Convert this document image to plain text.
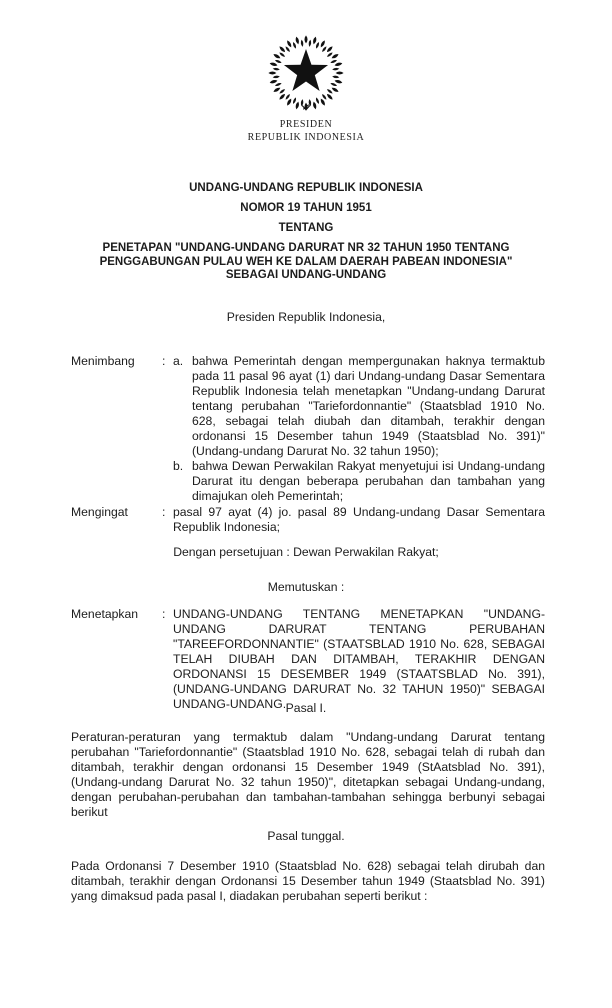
PRESIDEN
REPUBLIK INDONESIA
UNDANG-UNDANG REPUBLIK INDONESIA
NOMOR 19 TAHUN 1951
TENTANG
PENETAPAN "UNDANG-UNDANG DARURAT NR 32 TAHUN 1950 TENTANG
PENGGABUNGAN PULAU WEH KE DALAM DAERAH PABEAN INDONESIA"
SEBAGAI UNDANG-UNDANG
Presiden Republik Indonesia,
Menimbang	: a. bahwa Pemerintah dengan mempergunakan haknya termaktub pada 11 pasal 96 ayat (1) dari Undang-undang Dasar Sementara Republik Indonesia telah menetapkan "Undang-undang Darurat tentang perubahan "Tariefordonnantie" (Staatsblad 1910 No. 628, sebagai telah diubah dan ditambah, terakhir dengan ordonansi 15 Desember tahun 1949 (Staatsblad No. 391)" (Undang-undang Darurat No. 32 tahun 1950);
b. bahwa Dewan Perwakilan Rakyat menyetujui isi Undang-undang Darurat itu dengan beberapa perubahan dan tambahan yang dimajukan oleh Pemerintah;
Mengingat	: pasal 97 ayat (4) jo. pasal 89 Undang-undang Dasar Sementara Republik Indonesia;
Dengan persetujuan : Dewan Perwakilan Rakyat;
Memutuskan :
Menetapkan	: UNDANG-UNDANG TENTANG MENETAPKAN "UNDANG- UNDANG DARURAT TENTANG PERUBAHAN "TAREEFORDONNANTIE" (STAATSBLAD 1910 No. 628, SEBAGAI TELAH DIUBAH DAN DITAMBAH, TERAKHIR DENGAN ORDONANSI 15 DESEMBER 1949 (STAATSBLAD No. 391), (UNDANG-UNDANG DARURAT No. 32 TAHUN 1950)" SEBAGAI UNDANG-UNDANG. Pasal I.
Peraturan-peraturan yang termaktub dalam "Undang-undang Darurat tentang perubahan "Tariefordonnantie" (Staatsblad 1910 No. 628, sebagai telah di rubah dan ditambah, terakhir dengan ordonansi 15 Desember 1949 (StAatsblad No. 391), (Undang-undang Darurat No. 32 tahun 1950)", ditetapkan sebagai Undang-undang, dengan perubahan-perubahan dan tambahan-tambahan sehingga berbunyi sebagai berikut
Pasal tunggal.
Pada Ordonansi 7 Desember 1910 (Staatsblad No. 628) sebagai telah dirubah dan ditambah, terakhir dengan Ordonansi 15 Desember tahun 1949 (Staatsblad No. 391) yang dimaksud pada pasal I, diadakan perubahan seperti berikut :
